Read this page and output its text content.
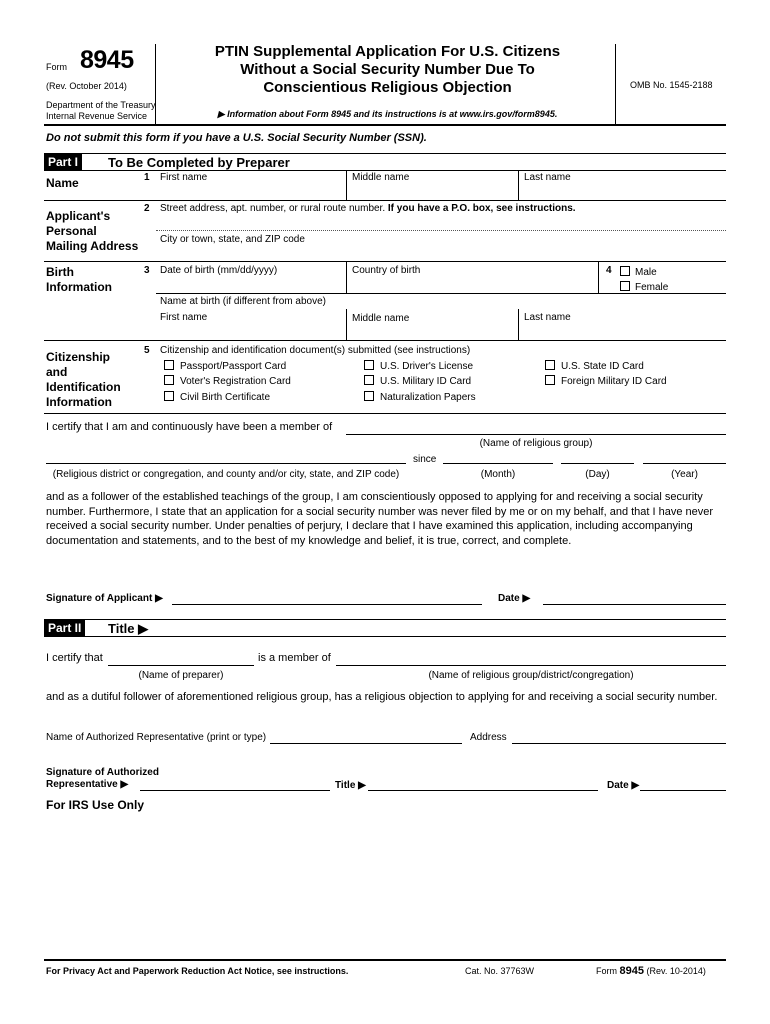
Form 8945
(Rev. October 2014)
Department of the Treasury
Internal Revenue Service
PTIN Supplemental Application For U.S. Citizens
Without a Social Security Number Due To
Conscientious Religious Objection
▶ Information about Form 8945 and its instructions is at www.irs.gov/form8945.
OMB No. 1545-2188
Do not submit this form if you have a U.S. Social Security Number (SSN).
Part I	To Be Completed by Preparer
Name	1 First name	Middle name	Last name
Applicant's
Personal
Mailing Address
2 Street address, apt. number, or rural route number. If you have a P.O. box, see instructions.
City or town, state, and ZIP code
Birth
Information
3 Date of birth (mm/dd/yyyy)	Country of birth	4 Male
Female
Name at birth (if different from above)
First name	Middle name	Last name
Citizenship
and
Identification
Information
5 Citizenship and identification document(s) submitted (see instructions)
Passport/Passport Card
Voter's Registration Card
Civil Birth Certificate
U.S. Driver's License
U.S. Military ID Card
Naturalization Papers
U.S. State ID Card
Foreign Military ID Card
I certify that I am and continuously have been a member of
(Name of religious group)
since
(Religious district or congregation, and county and/or city, state, and ZIP code)	(Month)	(Day)	(Year)
and as a follower of the established teachings of the group, I am conscientiously opposed to applying for and receiving a social security number. Furthermore, I state that an application for a social security number was never filed by me or on my behalf, and that I have never received a social security number. Under penalties of perjury, I declare that I have examined this application, including accompanying documentation and statements, and to the best of my knowledge and belief, it is true, correct, and complete.
Signature of Applicant ▶	Date ▶
Part II	Title ▶
I certify that	is a member of
(Name of preparer)	(Name of religious group/district/congregation)
and as a dutiful follower of aforementioned religious group, has a religious objection to applying for and receiving a social security number.
Name of Authorized Representative (print or type)	Address
Signature of Authorized
Representative ▶	Title ▶	Date ▶
For IRS Use Only
For Privacy Act and Paperwork Reduction Act Notice, see instructions.	Cat. No. 37763W	Form 8945 (Rev. 10-2014)
